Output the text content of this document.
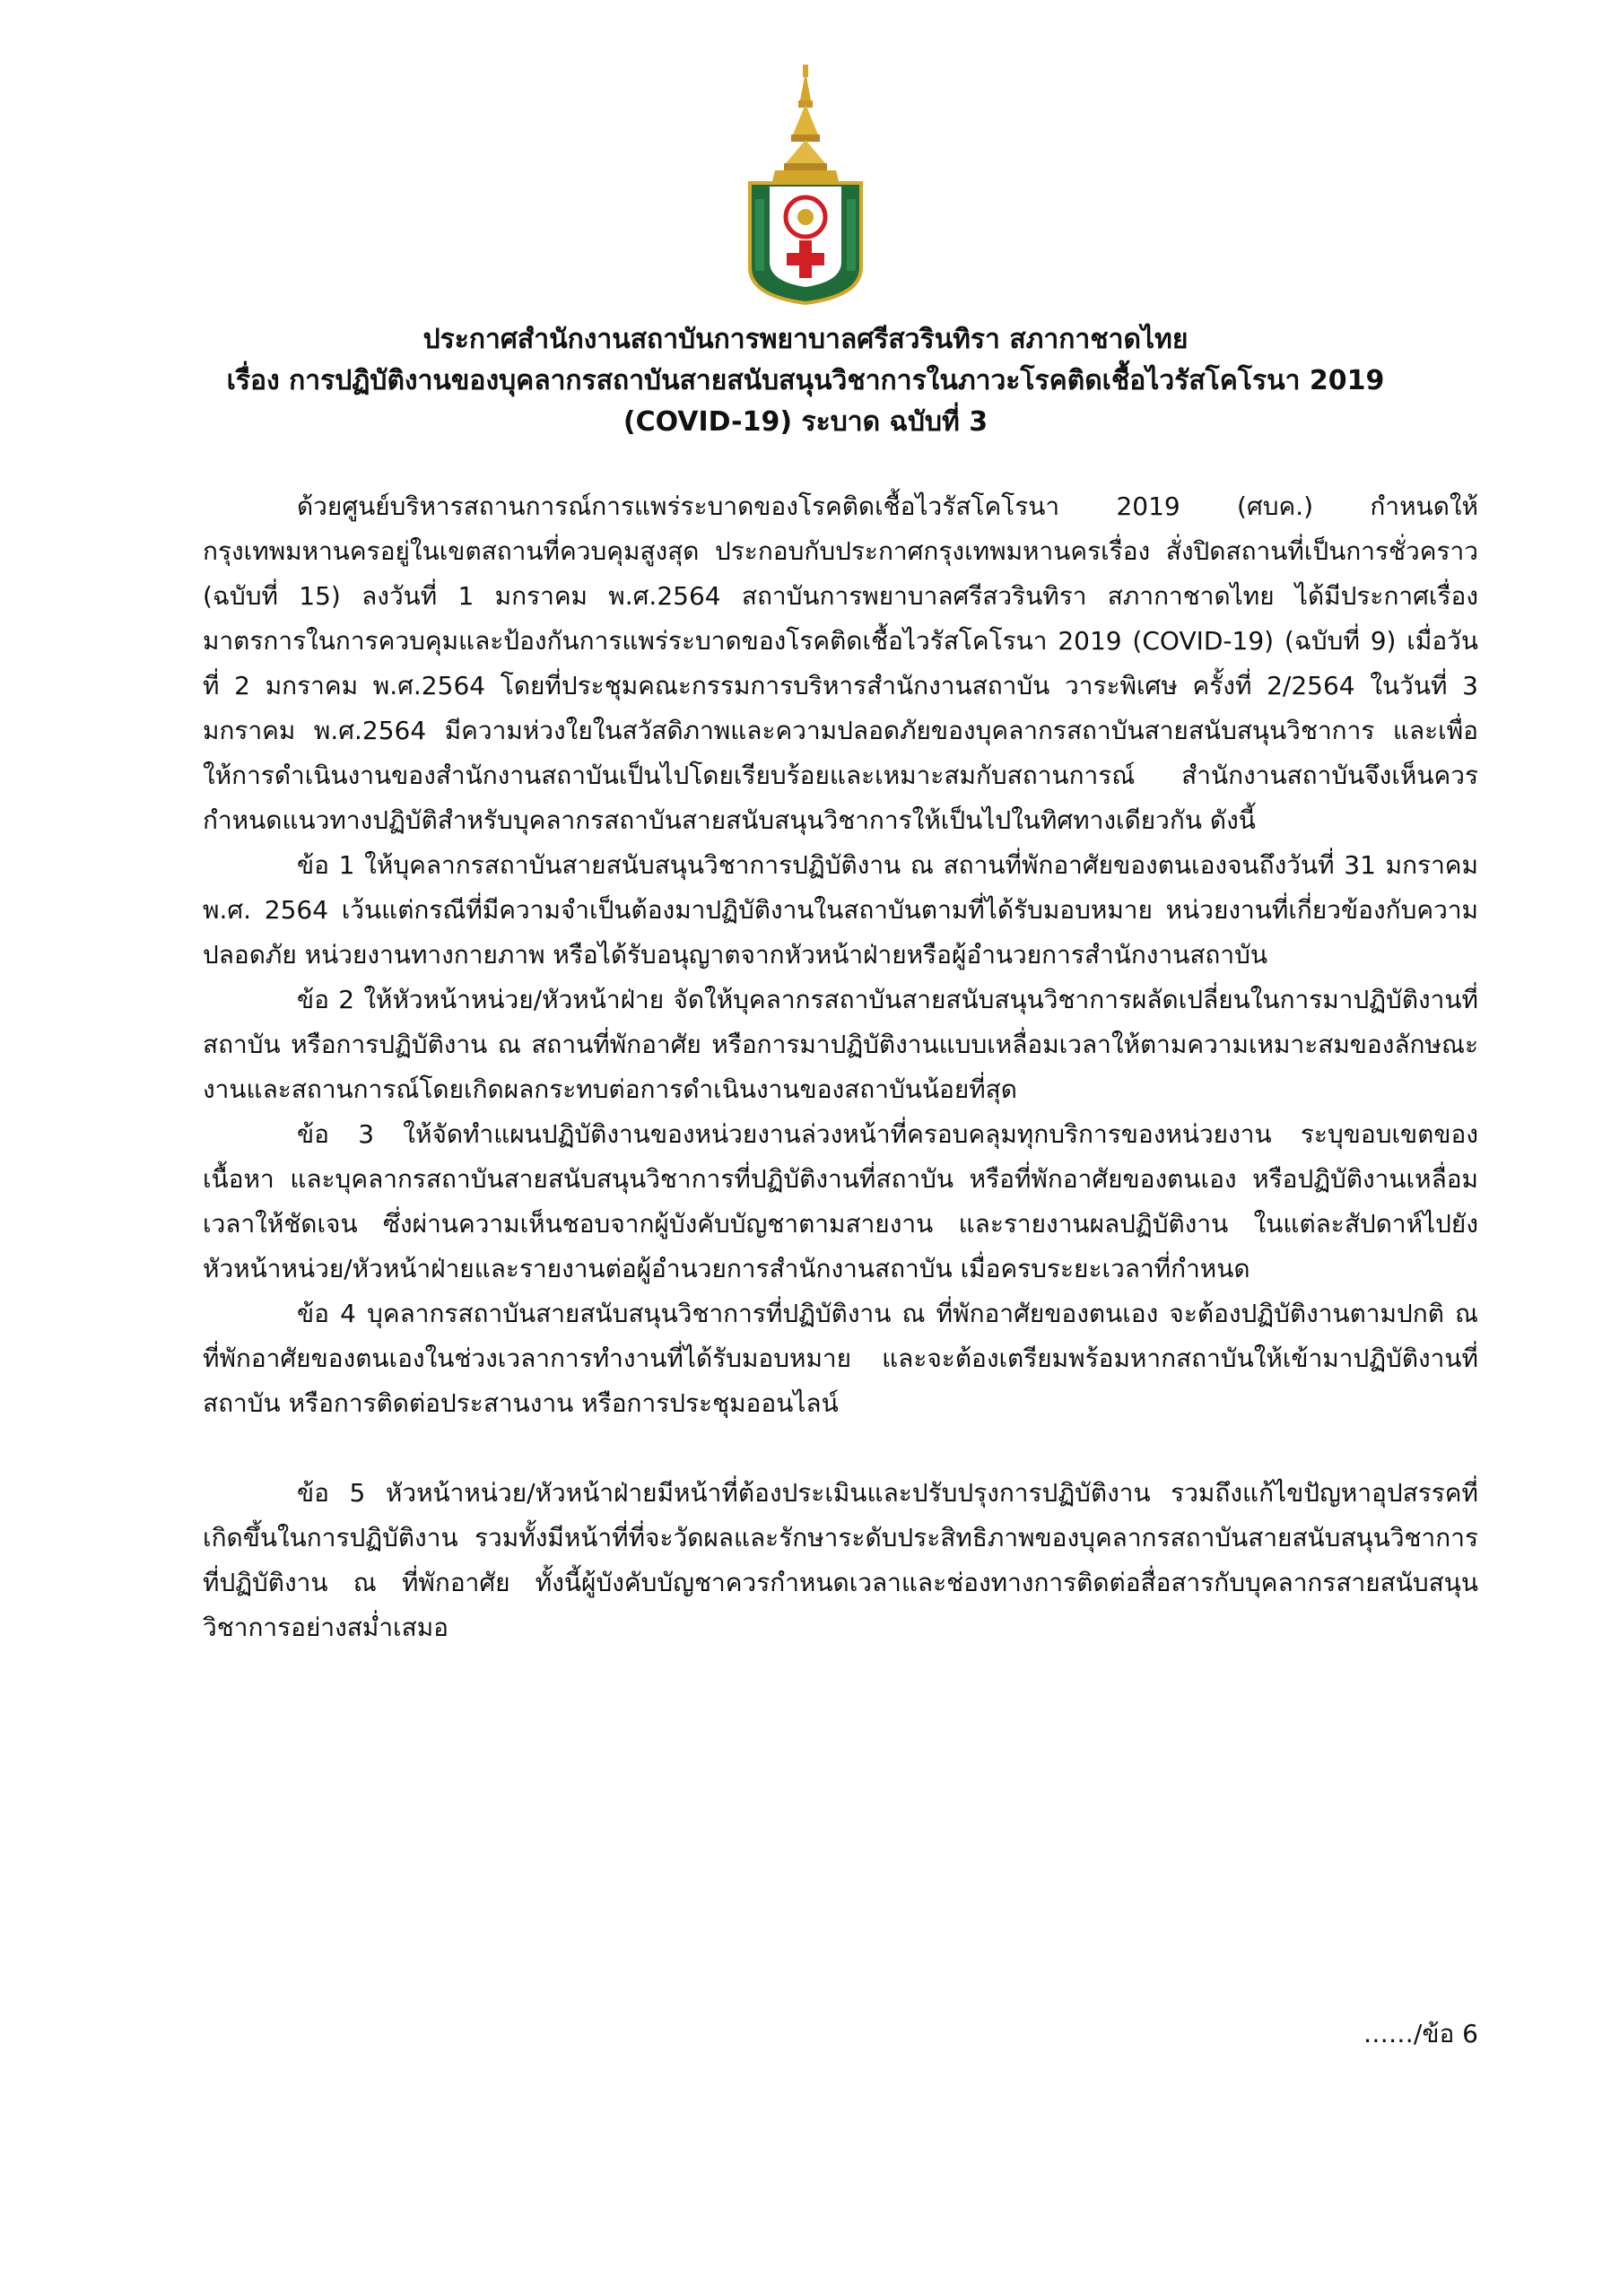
ประกาศสำนักงานสถาบันการพยาบาลศรีสวรินทิรา สภากาชาดไทย
เรื่อง การปฏิบัติงานของบุคลากรสถาบันสายสนับสนุนวิชาการในภาวะโรคติดเชื้อไวรัสโคโรนา 2019
(COVID-19) ระบาด ฉบับที่ 3

ด้วยศูนย์บริหารสถานการณ์การแพร่ระบาดของโรคติดเชื้อไวรัสโคโรนา 2019 (ศบค.) กำหนดให้กรุงเทพมหานครอยู่ในเขตสถานที่ควบคุมสูงสุด ประกอบกับประกาศกรุงเทพมหานครเรื่อง สั่งปิดสถานที่เป็นการชั่วคราว (ฉบับที่ 15) ลงวันที่ 1 มกราคม พ.ศ.2564 สถาบันการพยาบาลศรีสวรินทิรา สภากาชาดไทย ได้มีประกาศเรื่องมาตรการในการควบคุมและป้องกันการแพร่ระบาดของโรคติดเชื้อไวรัสโคโรนา 2019 (COVID-19) (ฉบับที่ 9) เมื่อวันที่ 2 มกราคม พ.ศ.2564 โดยที่ประชุมคณะกรรมการบริหารสำนักงานสถาบัน วาระพิเศษ ครั้งที่ 2/2564 ในวันที่ 3 มกราคม พ.ศ.2564 มีความห่วงใยในสวัสดิภาพและความปลอดภัยของบุคลากรสถาบันสายสนับสนุนวิชาการ และเพื่อให้การดำเนินงานของสำนักงานสถาบันเป็นไปโดยเรียบร้อยและเหมาะสมกับสถานการณ์ สำนักงานสถาบันจึงเห็นควรกำหนดแนวทางปฏิบัติสำหรับบุคลากรสถาบันสายสนับสนุนวิชาการให้เป็นไปในทิศทางเดียวกัน ดังนี้

ข้อ 1 ให้บุคลากรสถาบันสายสนับสนุนวิชาการปฏิบัติงาน ณ สถานที่พักอาศัยของตนเองจนถึงวันที่ 31 มกราคม พ.ศ. 2564 เว้นแต่กรณีที่มีความจำเป็นต้องมาปฏิบัติงานในสถาบันตามที่ได้รับมอบหมาย หน่วยงานที่เกี่ยวข้องกับความปลอดภัย หน่วยงานทางกายภาพ หรือได้รับอนุญาตจากหัวหน้าฝ่ายหรือผู้อำนวยการสำนักงานสถาบัน

ข้อ 2 ให้หัวหน้าหน่วย/หัวหน้าฝ่าย จัดให้บุคลากรสถาบันสายสนับสนุนวิชาการผลัดเปลี่ยนในการมาปฏิบัติงานที่สถาบัน หรือการปฏิบัติงาน ณ สถานที่พักอาศัย หรือการมาปฏิบัติงานแบบเหลื่อมเวลาให้ตามความเหมาะสมของลักษณะงานและสถานการณ์โดยเกิดผลกระทบต่อการดำเนินงานของสถาบันน้อยที่สุด

ข้อ 3 ให้จัดทำแผนปฏิบัติงานของหน่วยงานล่วงหน้าที่ครอบคลุมทุกบริการของหน่วยงาน ระบุขอบเขตของเนื้อหา และบุคลากรสถาบันสายสนับสนุนวิชาการที่ปฏิบัติงานที่สถาบัน หรือที่พักอาศัยของตนเอง หรือปฏิบัติงานเหลื่อมเวลาให้ชัดเจน ซึ่งผ่านความเห็นชอบจากผู้บังคับบัญชาตามสายงาน และรายงานผลปฏิบัติงาน ในแต่ละสัปดาห์ไปยังหัวหน้าหน่วย/หัวหน้าฝ่ายและรายงานต่อผู้อำนวยการสำนักงานสถาบัน เมื่อครบระยะเวลาที่กำหนด

ข้อ 4 บุคลากรสถาบันสายสนับสนุนวิชาการที่ปฏิบัติงาน ณ ที่พักอาศัยของตนเอง จะต้องปฏิบัติงานตามปกติ ณ ที่พักอาศัยของตนเองในช่วงเวลาการทำงานที่ได้รับมอบหมาย และจะต้องเตรียมพร้อมหากสถาบันให้เข้ามาปฏิบัติงานที่สถาบัน หรือการติดต่อประสานงาน หรือการประชุมออนไลน์

ข้อ 5 หัวหน้าหน่วย/หัวหน้าฝ่ายมีหน้าที่ต้องประเมินและปรับปรุงการปฏิบัติงาน รวมถึงแก้ไขปัญหาอุปสรรคที่เกิดขึ้นในการปฏิบัติงาน รวมทั้งมีหน้าที่ที่จะวัดผลและรักษาระดับประสิทธิภาพของบุคลากรสถาบันสายสนับสนุนวิชาการที่ปฏิบัติงาน ณ ที่พักอาศัย ทั้งนี้ผู้บังคับบัญชาควรกำหนดเวลาและช่องทางการติดต่อสื่อสารกับบุคลากรสายสนับสนุนวิชาการอย่างสม่ำเสมอ

……/ข้อ 6
